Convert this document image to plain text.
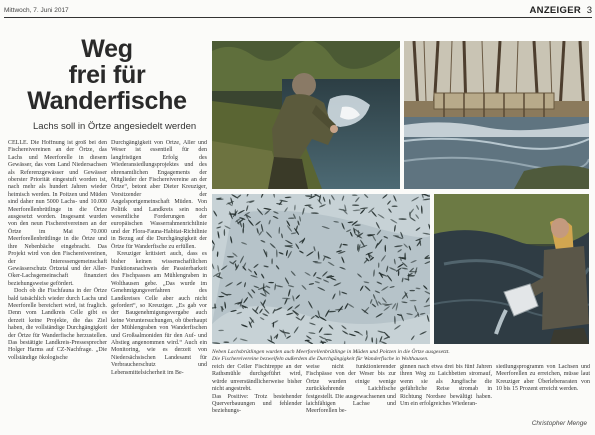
Mittwoch, 7. Juni 2017	ANZEIGER 3
Weg
frei für
Wanderfische
Lachs soll in Örtze angesiedelt werden

CELLE. Die Hoffnung ist groß bei den Fischereivereinen an der Örtze, das Lachs und Meerforelle in diesem Gewässer, das vom Land Niedersachsen als Referenzgewässer und Gewässer oberster Priorität eingestuft worden ist, nach mehr als hundert Jahren wieder heimisch werden. In Poitzen und Müden sind daher nun 5000 Lachs- und 10.000 Meerforellenbrütlinge in die Örtze ausgesetzt worden. Insgesamt wurden von den neun Fischereivereinen an der Örtze im Mai 70.000 Meerforellenbrütlinge in die Örtze und ihre Nebenbäche eingebracht. Das Projekt wird von den Fischereivereinen, der Interessengemeinschaft Gewässerschutz Örtzetal und der Aller-Oker-Lachsgemeinschaft finanziert beziehungsweise gefördert.

Doch ob die Fischfauna in der Örtze bald tatsächlich wieder durch Lachs und Meerforelle bereichert wird, ist fraglich. Denn vom Landkreis Celle gibt es derzeit keine Projekte, die das Ziel haben, die vollständige Durchgängigkeit der Örtze für Wanderfische herzustellen. Das bestätigte Landkreis-Pressesprecher Holger Harms auf CZ-Nachfrage. „Die vollständige ökologische

Durchgängigkeit von Örtze, Aller und Weser ist essentiell für den langfristigen Erfolg des Wiederansiedlungsprojektes und des ehrenamtlichen Engagements der Mitglieder der Fischereivereine an der Örtze“, betont aber Dieter Kreuziger, Vorsitzender der Angelsportgemeinschaft Müden. Von Politik und Landkreis sein noch wesentliche Forderungen der europäischen Wasserrahmenrichtlinie und der Flora-Fauna-Habitat-Richtlinie in Bezug auf die Durchgängigkeit der Örtze für Wanderfische zu erfüllen.

Kreuziger kritisiert auch, dass es bisher keinen wissenschaftlichen Funktionsnachweis der Passierbarkeit des Fischpasses am Mühlengraben in Wolthausen gebe. „Das wurde im Genehmigungsverfahren des Landkreises Celle aber auch nicht gefordert“, so Kreuziger. „Es gab vor der Baugenehmigungsvergabe auch keine Voruntersuchungen, ob überhaupt der Mühlengraben von Wanderfischen und Großsalmoniden für den Auf- und Abstieg angenommen wird.“ Auch ein Monitoring, wie es derzeit von Niedersächsischen Landesamt für Verbraucherschutz und Lebensmittelsicherheit im Be-

reich der Celler Fischtreppe an der Rathsmühle durchgeführt wird, würde unverständlicherweise bisher nicht angestrebt.
Das Positive: Trotz bestehender Querverbauungen und fehlender beziehungs-
weise nicht funktionierender Fischpässe von der Weser bis zur Örtze wurden einige wenige zurückkehrende Laichfische festgestellt. Die ausgewachsenen und laichfähigen Lachse und Meerforellen be-
ginnen nach etwa drei bis fünf Jahren ihren Weg zu Laichbetten stromauf, wenn sie als Jungfische die gefährliche Reise stromab in Richtung Nordsee bewältigt haben. Um ein erfolgreiches Wiederan-
siedlungsprogramm von Lachsen und Meerforellen zu erreichen, müsse laut Kreuziger aber Überlebensraten von 10 bis 15 Prozent erreicht werden.
Neben Lachsbrütlingen wurden auch Meerforellenbrütlinge in Müden und Poitzen in die Örtze ausgesetzt.
Die Fischereivereine bezweifeln außerdem die Durchgängigkeit für Wanderfische in Wolthausen.
Christopher Menge
